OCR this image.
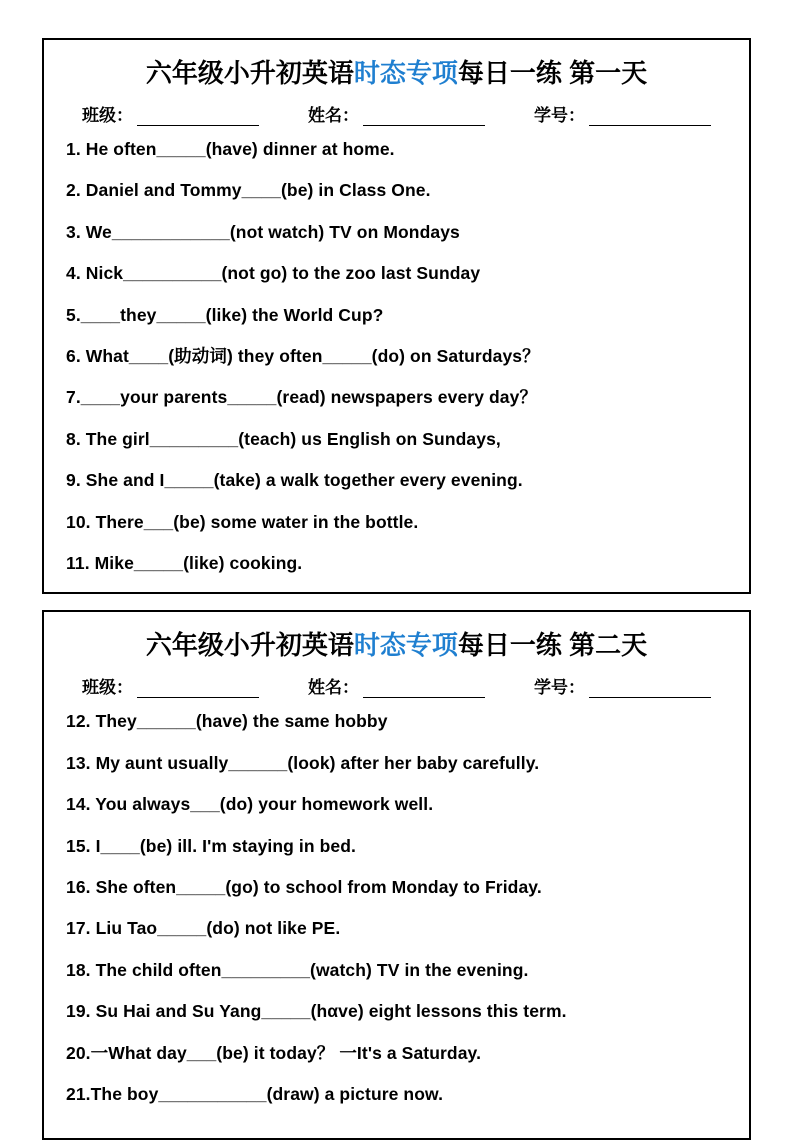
六年级小升初英语时态专项每日一练 第一天
班级：	姓名：	学号：

1. He often_____(have) dinner at home.

2. Daniel and Tommy____(be) in Class One.

3. We____________(not watch) TV on Mondays

4. Nick__________(not go) to the zoo last Sunday

5.____they_____(like) the World Cup?

6. What____(助动词) they often_____(do) on Saturdays？

7.____your parents_____(read) newspapers every day？

8. The girl_________(teach) us English on Sundays,

9. She and I_____(take) a walk together every evening.

10. There___(be) some water in the bottle.

11. Mike_____(like) cooking.

六年级小升初英语时态专项每日一练 第二天
班级：	姓名：	学号：

12. They______(have) the same hobby

13. My aunt usually______(look) after her baby carefully.

14. You always___(do) your homework well.

15. I____(be) ill. I'm staying in bed.

16. She often_____(go) to school from Monday to Friday.

17. Liu Tao_____(do) not like PE.

18. The child often_________(watch) TV in the evening.

19. Su Hai and Su Yang_____(hαve) eight lessons this term.

20.一What day___(be) it today？ 一It's a Saturday.

21.The boy___________(draw) a picture now.
